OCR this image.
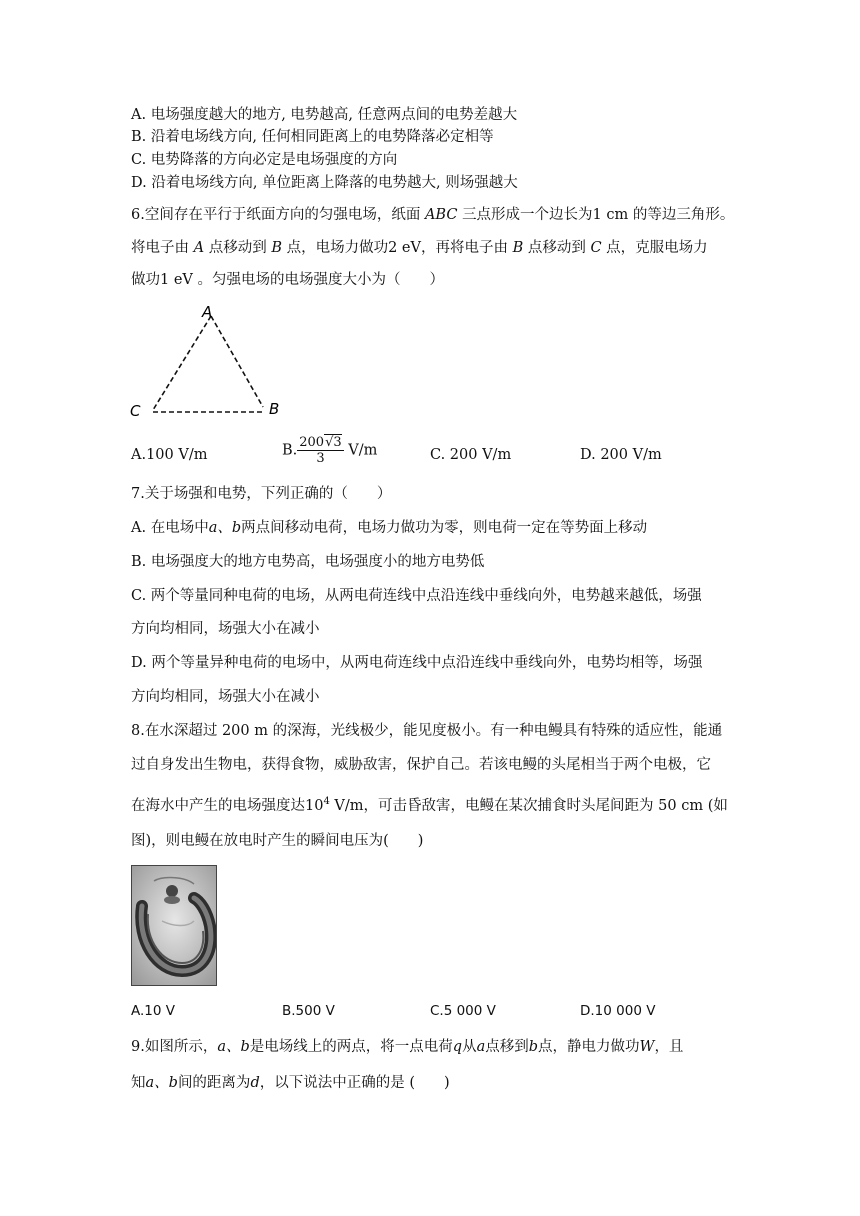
A. 电场强度越大的地方, 电势越高, 任意两点间的电势差越大
B. 沿着电场线方向, 任何相同距离上的电势降落必定相等
C. 电势降落的方向必定是电场强度的方向
D. 沿着电场线方向, 单位距离上降落的电势越大, 则场强越大
6.空间存在平行于纸面方向的匀强电场，纸面 ABC 三点形成一个边长为1 cm 的等边三角形。
将电子由 A 点移动到 B 点，电场力做功2 eV，再将电子由 B 点移动到 C 点，克服电场力
做功1 eV 。匀强电场的电场强度大小为（　　）
A
C	B
A.100 V/m	B. $\frac{200√3}{3} V/m$	C. 200 V/m	D. 200 V/m
7.关于场强和电势，下列正确的（　　）
A. 在电场中a、b两点间移动电荷，电场力做功为零，则电荷一定在等势面上移动
B. 电场强度大的地方电势高，电场强度小的地方电势低
C. 两个等量同种电荷的电场，从两电荷连线中点沿连线中垂线向外，电势越来越低，场强
方向均相同，场强大小在减小
D. 两个等量异种电荷的电场中，从两电荷连线中点沿连线中垂线向外，电势均相等，场强
方向均相同，场强大小在减小
8.在水深超过 200 m 的深海，光线极少，能见度极小。有一种电鳗具有特殊的适应性，能通
过自身发出生物电，获得食物，威胁敌害，保护自己。若该电鳗的头尾相当于两个电极，它
在海水中产生的电场强度达$10^4$ V/m，可击昏敌害，电鳗在某次捕食时头尾间距为 50 cm (如
图)，则电鳗在放电时产生的瞬间电压为(　　)
A.10 V	B.500 V	C.5 000 V	D.10 000 V
9.如图所示，a、b是电场线上的两点，将一点电荷q从a点移到b点，静电力做功W，且
知a、b间的距离为d，以下说法中正确的是 (　　)
